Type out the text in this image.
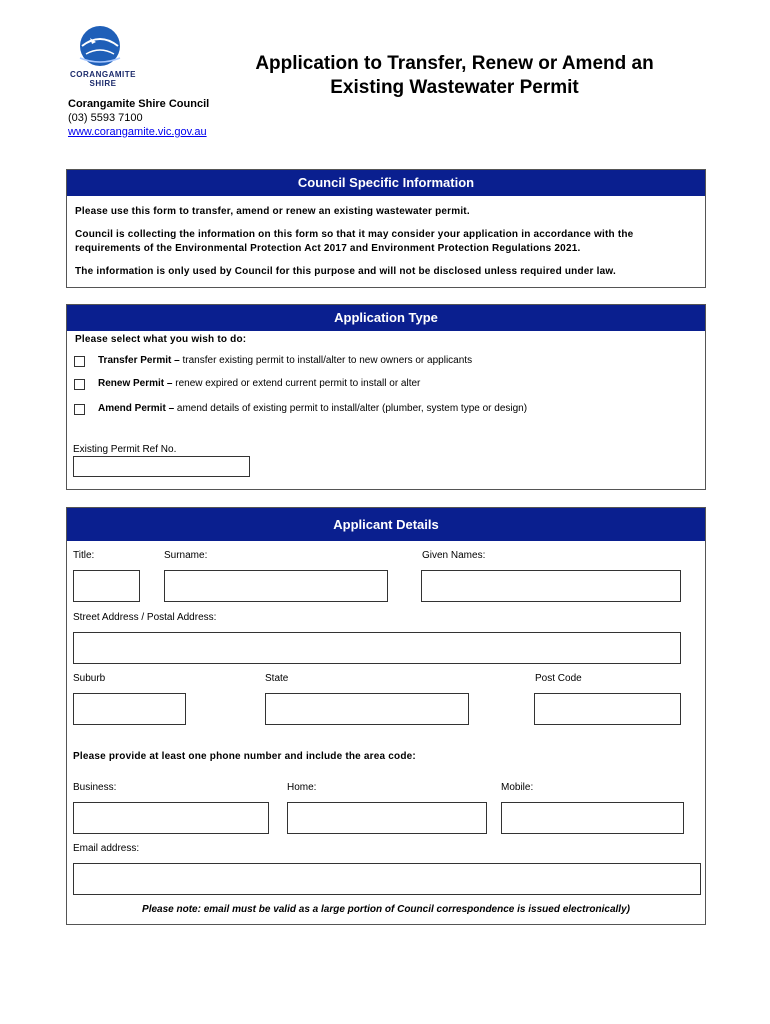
CORANGAMITE
SHIRE
Application to Transfer, Renew or Amend an
Existing Wastewater Permit
Corangamite Shire Council
(03) 5593 7100
www.corangamite.vic.gov.au
Council Specific Information
Please use this form to transfer, amend or renew an existing wastewater permit.
Council is collecting the information on this form so that it may consider your application in accordance with the requirements of the Environmental Protection Act 2017 and Environment Protection Regulations 2021.
The information is only used by Council for this purpose and will not be disclosed unless required under law.
Application Type
Please select what you wish to do:
Transfer Permit – transfer existing permit to install/alter to new owners or applicants
Renew Permit – renew expired or extend current permit to install or alter
Amend Permit – amend details of existing permit to install/alter (plumber, system type or design)
Existing Permit Ref No.
Applicant Details
Title:	Surname:	Given Names:
Street Address / Postal Address:
Suburb	State	Post Code
Please provide at least one phone number and include the area code:
Business:	Home:	Mobile:
Email address:
Please note: email must be valid as a large portion of Council correspondence is issued electronically)
